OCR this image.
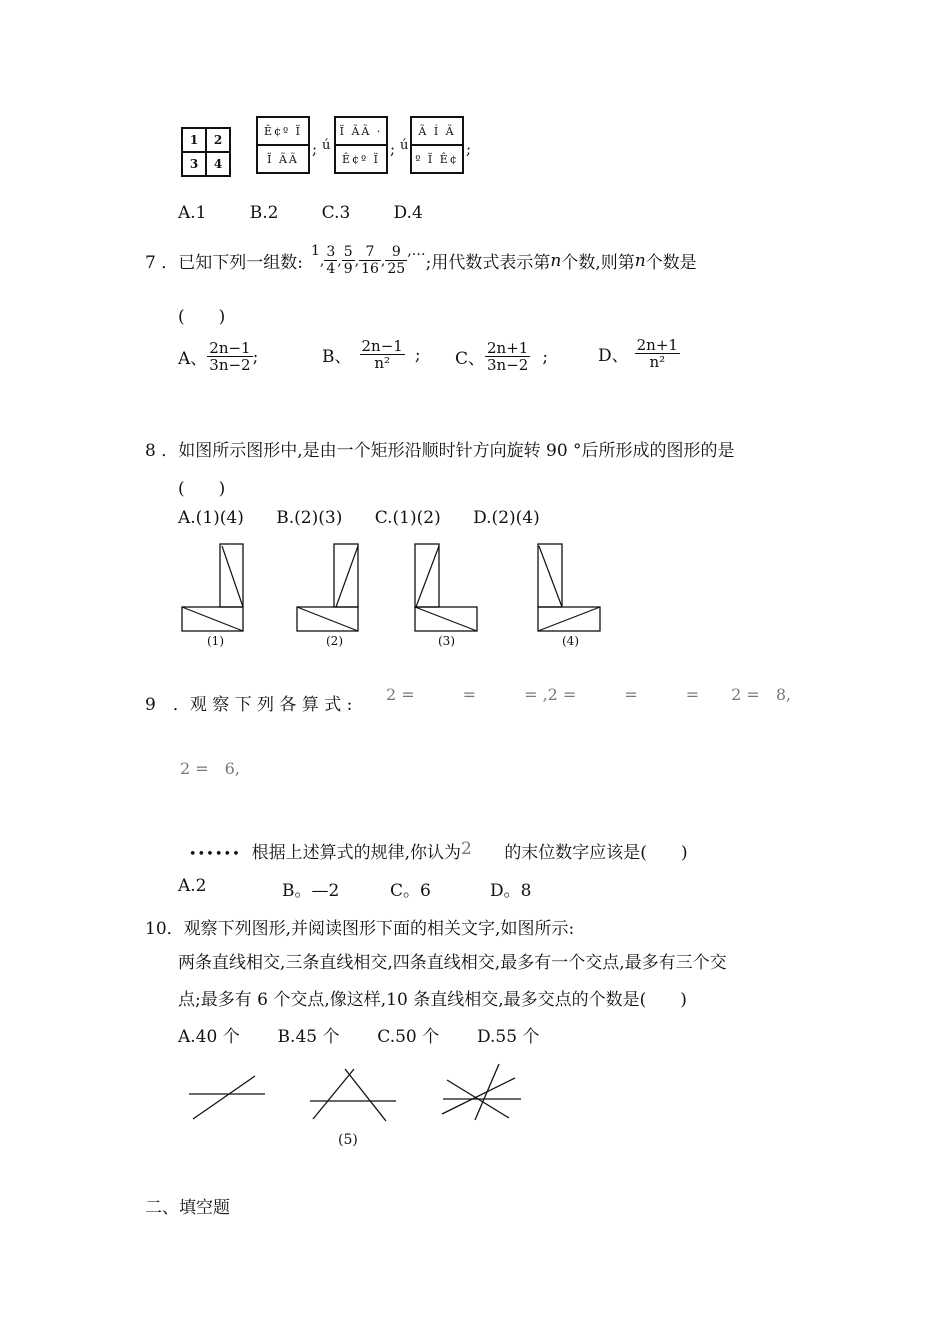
1	2
3	4
Ê¢º Ï
Ï ÃÃ
; ú
Ï ÃÃ ·
Ê¢º Ï
; ú
Ã Í Ã
º Ï Ê¢
;
A.1        B.2        C.3        D.4
7 ．已知下列一组数:
1
, $\frac{3}{4}$ , $\frac{5}{9}$ , $\frac{7}{16}$ , $\frac{9}{25}$ ,…
;用代数式表示第 n 个数,则第 n 个数是
(　　)
A、 $\frac{2n-1}{3n-2}$ ;	B、 $\frac{2n-1}{\text{n²}}$ ; C、 $\frac{2n+1}{3n-2}$ ;	D、 $\frac{2n+1}{\text{n²}}$
8 ．如图所示图形中,是由一个矩形沿顺时针方向旋转 90 °后所形成的图形的是
(　　)
A.(1)(4)      B.(2)(3)      C.(1)(2)      D.(2)(4)
(1)	(2)	(3)	(4)
9　．观 察 下 列 各 算 式 :
2 =　　　=　　　= ,2 =　　　=　　　=　　2 =　8,
2 =　6,

•••••• 根据上述算式的规律,你认为2 的末位数字应该是(　　)

A.2	B。—2	C。6	D。8
10．观察下列图形,并阅读图形下面的相关文字,如图所示:
两条直线相交,三条直线相交,四条直线相交,最多有一个交点,最多有三个交
点;最多有 6 个交点,像这样,10 条直线相交,最多交点的个数是(　　)
A.40 个       B.45 个       C.50 个       D.55 个
(5)
二、填空题
